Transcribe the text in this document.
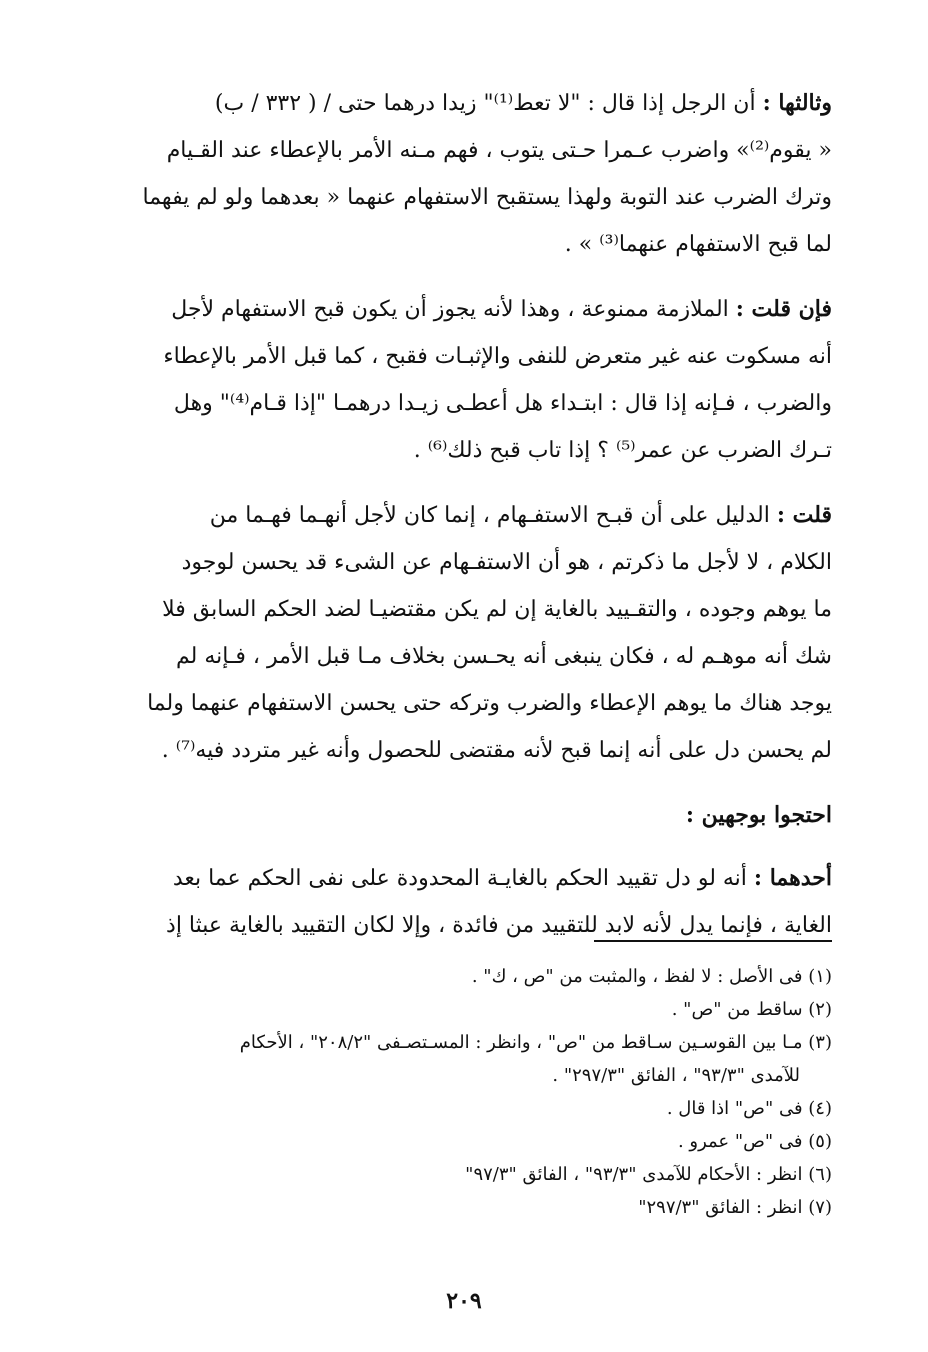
وثالثها : أن الرجل إذا قال : "لا تعط⁽¹⁾" زيدا درهما حتى / ( ٣٣٢ / ب)
« يقوم⁽²⁾» واضرب عـمرا حـتى يتوب ، فهم مـنه الأمر بالإعطاء عند القـيام
وترك الضرب عند التوبة ولهذا يستقبح الاستفهام عنهما « بعدهما ولو لم يفهما
لما قبح الاستفهام عنهما⁽³⁾ » .

فإن قلت : الملازمة ممنوعة ، وهذا لأنه يجوز أن يكون قبح الاستفهام لأجل
أنه مسكوت عنه غير متعرض للنفى والإثبـات فقبح ، كما قبل الأمر بالإعطاء
والضرب ، فـإنه إذا قال : ابتـداء هل أعطـى زيـدا درهمـا "إذا قـام⁽⁴⁾" وهل
تـرك الضرب عن عمر⁽⁵⁾ ؟ إذا تاب قبح ذلك⁽⁶⁾ .

قلت : الدليل على أن قبـح الاستفـهام ، إنما كان لأجل أنهـما فهـما من
الكلام ، لا لأجل ما ذكرتم ، هو أن الاستفـهام عن الشىء قد يحسن لوجود
ما يوهم وجوده ، والتقـييد بالغاية إن لم يكن مقتضيـا لضد الحكم السابق فلا
شك أنه موهـم له ، فكان ينبغى أنه يحـسن بخلاف مـا قبل الأمر ، فـإنه لم
يوجد هناك ما يوهم الإعطاء والضرب وتركه حتى يحسن الاستفهام عنهما ولما
لم يحسن دل على أنه إنما قبح لأنه مقتضى للحصول وأنه غير متردد فيه⁽⁷⁾ .

احتجوا بوجهين :

أحدهما : أنه لو دل تقييد الحكم بالغايـة المحدودة على نفى الحكم عما بعد
الغاية ، فإنما يدل لأنه لابد للتقييد من فائدة ، وإلا لكان التقييد بالغاية عبثا إذ

(١) فى الأصل : لا لفظ ، والمثبت من "ص ، ك" .
(٢) ساقط من "ص" .
(٣) مـا بين القوسـين سـاقط من "ص" ، وانظر : المسـتصـفى "٢٠٨/٢" ، الأحكام
للآمدى "٩٣/٣" ، الفائق "٢٩٧/٣" .
(٤) فى "ص" اذا قال .
(٥) فى "ص" عمرو .
(٦) انظر : الأحكام للآمدى "٩٣/٣" ، الفائق "٩٧/٣"
(٧) انظر : الفائق "٢٩٧/٣"
٢٠٩
